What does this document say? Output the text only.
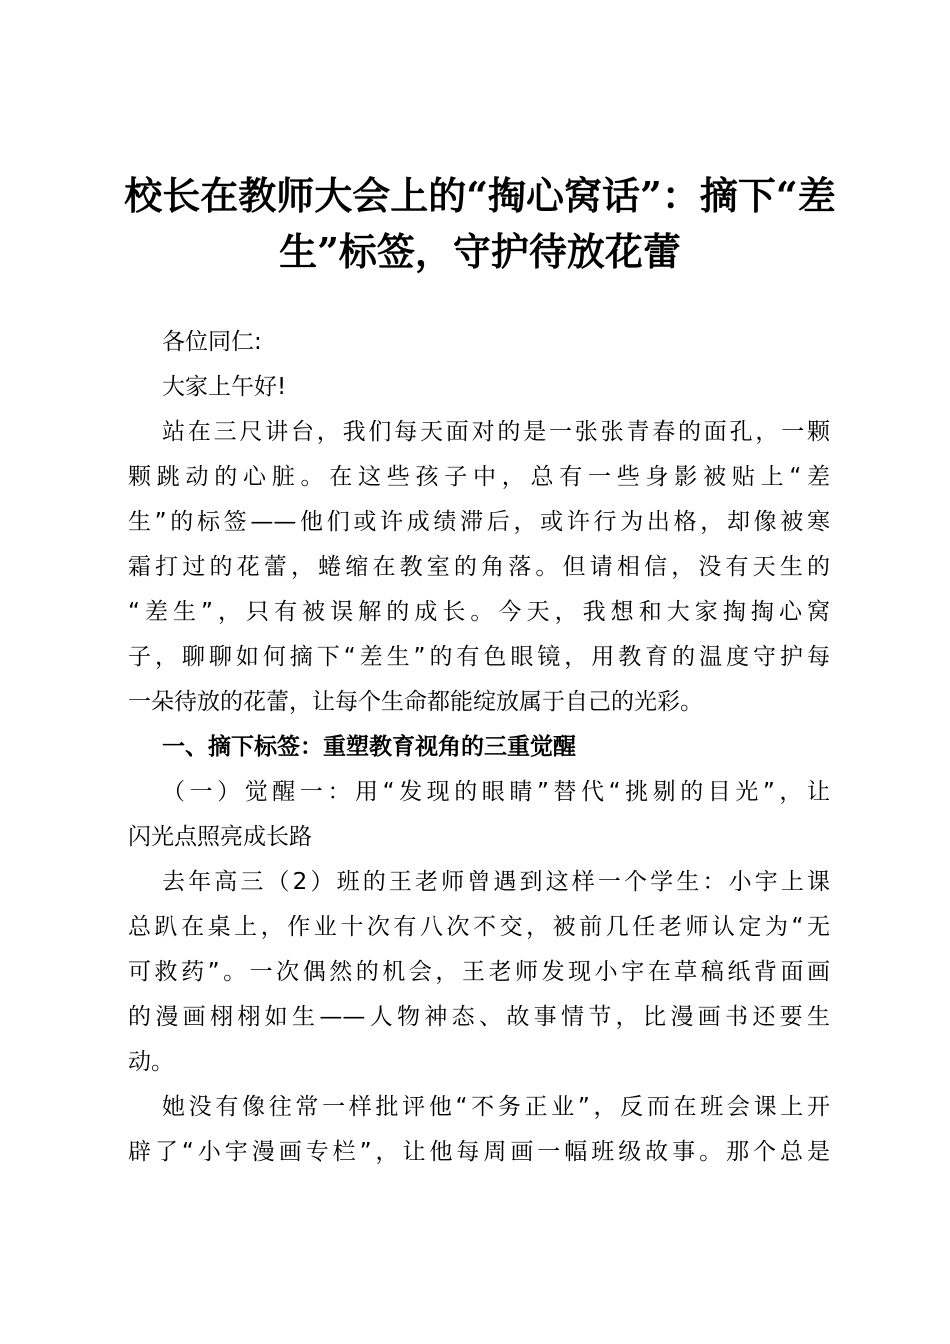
校长在教师大会上的“掏心窝话”：摘下“差
生”标签，守护待放花蕾
各位同仁:
大家上午好!
站在三尺讲台，我们每天面对的是一张张青春的面孔，一颗
颗跳动的心脏。在这些孩子中，总有一些身影被贴上“差
生”的标签——他们或许成绩滞后，或许行为出格，却像被寒
霜打过的花蕾，蜷缩在教室的角落。但请相信，没有天生的
“差生”，只有被误解的成长。今天，我想和大家掏掏心窝
子，聊聊如何摘下“差生”的有色眼镜，用教育的温度守护每
一朵待放的花蕾，让每个生命都能绽放属于自己的光彩。
一、摘下标签：重塑教育视角的三重觉醒
（一）觉醒一：用“发现的眼睛”替代“挑剔的目光”，让
闪光点照亮成长路
去年高三（2）班的王老师曾遇到这样一个学生：小宇上课
总趴在桌上，作业十次有八次不交，被前几任老师认定为“无
可救药”。一次偶然的机会，王老师发现小宇在草稿纸背面画
的漫画栩栩如生——人物神态、故事情节，比漫画书还要生
动。
她没有像往常一样批评他“不务正业”，反而在班会课上开
辟了“小宇漫画专栏”，让他每周画一幅班级故事。那个总是
